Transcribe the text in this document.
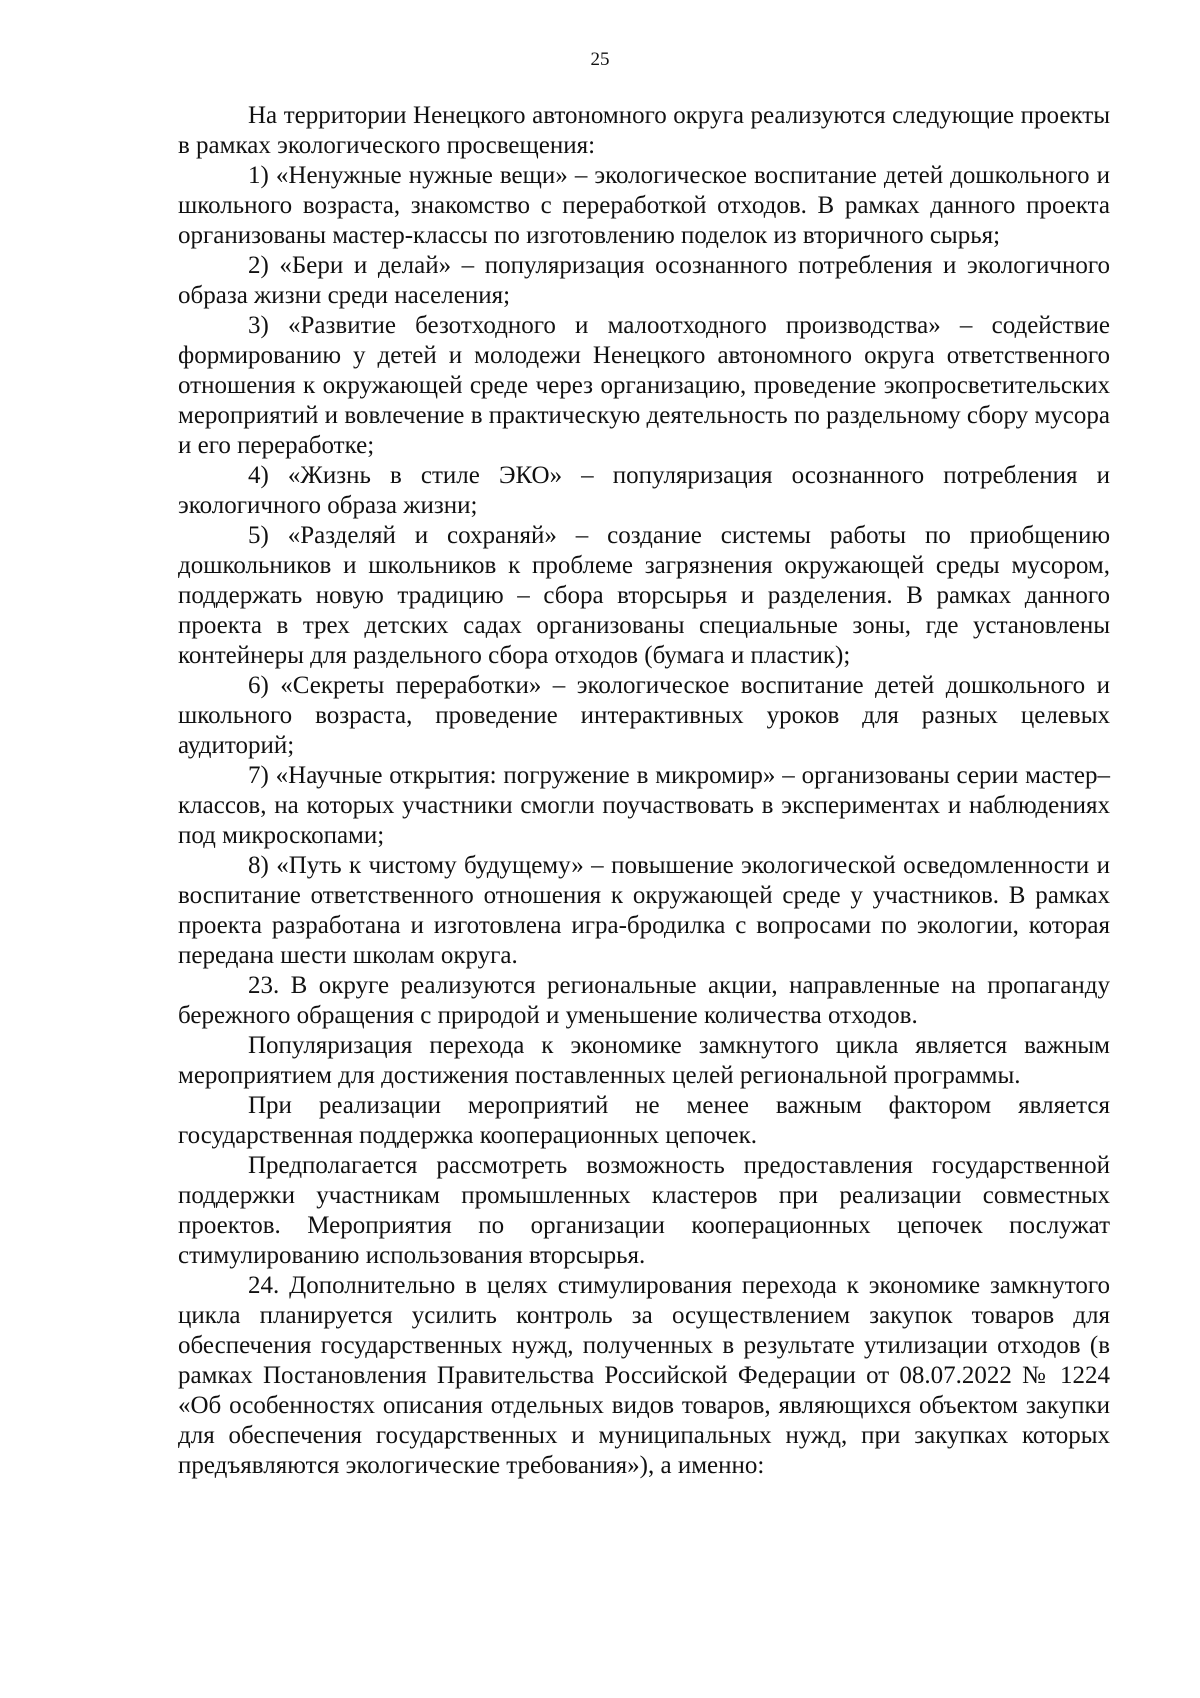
25

На территории Ненецкого автономного округа реализуются следующие проекты в рамках экологического просвещения:

1) «Ненужные нужные вещи» – экологическое воспитание детей дошкольного и школьного возраста, знакомство с переработкой отходов. В рамках данного проекта организованы мастер-классы по изготовлению поделок из вторичного сырья;

2) «Бери и делай» – популяризация осознанного потребления и экологичного образа жизни среди населения;

3) «Развитие безотходного и малоотходного производства» – содействие формированию у детей и молодежи Ненецкого автономного округа ответственного отношения к окружающей среде через организацию, проведение экопросветительских мероприятий и вовлечение в практическую деятельность по раздельному сбору мусора и его переработке;

4) «Жизнь в стиле ЭКО» – популяризация осознанного потребления и экологичного образа жизни;

5) «Разделяй и сохраняй» – создание системы работы по приобщению дошкольников и школьников к проблеме загрязнения окружающей среды мусором, поддержать новую традицию – сбора вторсырья и разделения. В рамках данного проекта в трех детских садах организованы специальные зоны, где установлены контейнеры для раздельного сбора отходов (бумага и пластик);

6) «Секреты переработки» – экологическое воспитание детей дошкольного и школьного возраста, проведение интерактивных уроков для разных целевых аудиторий;

7) «Научные открытия: погружение в микромир» – организованы серии мастер–классов, на которых участники смогли поучаствовать в экспериментах и наблюдениях под микроскопами;

8) «Путь к чистому будущему» – повышение экологической осведомленности и воспитание ответственного отношения к окружающей среде у участников. В рамках проекта разработана и изготовлена игра-бродилка с вопросами по экологии, которая передана шести школам округа.

23. В округе реализуются региональные акции, направленные на пропаганду бережного обращения с природой и уменьшение количества отходов.

Популяризация перехода к экономике замкнутого цикла является важным мероприятием для достижения поставленных целей региональной программы.

При реализации мероприятий не менее важным фактором является государственная поддержка кооперационных цепочек.

Предполагается рассмотреть возможность предоставления государственной поддержки участникам промышленных кластеров при реализации совместных проектов. Мероприятия по организации кооперационных цепочек послужат стимулированию использования вторсырья.

24. Дополнительно в целях стимулирования перехода к экономике замкнутого цикла планируется усилить контроль за осуществлением закупок товаров для обеспечения государственных нужд, полученных в результате утилизации отходов (в рамках Постановления Правительства Российской Федерации от 08.07.2022 № 1224 «Об особенностях описания отдельных видов товаров, являющихся объектом закупки для обеспечения государственных и муниципальных нужд, при закупках которых предъявляются экологические требования»), а именно:
